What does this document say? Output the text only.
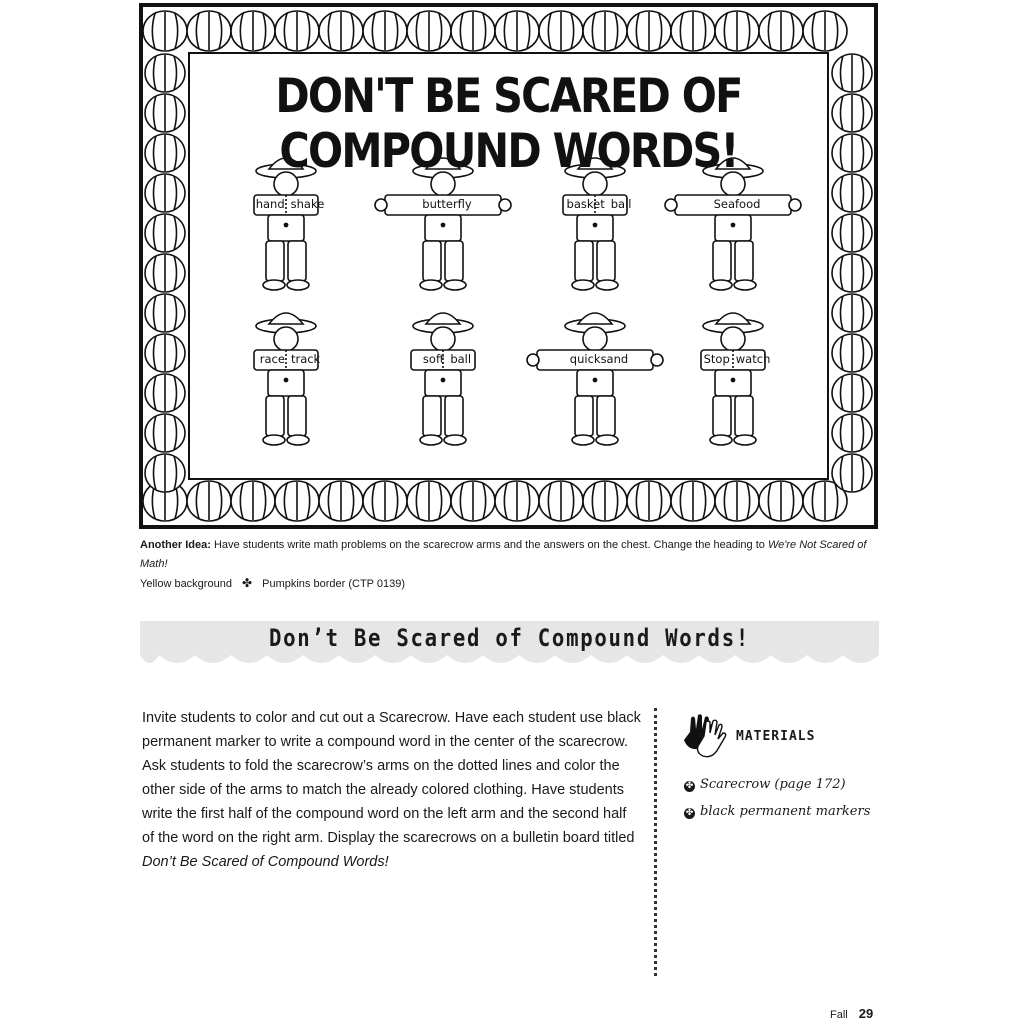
DON'T BE SCARED OF COMPOUND WORDS!
hand shake	butterfly	basket ball	Seafood
race track	soft ball	quicksand	Stop watch
Another Idea: Have students write math problems on the scarecrow arms and the answers on the chest. Change the heading to We're Not Scared of Math!
Yellow background ✤ Pumpkins border (CTP 0139)
Don’t Be Scared of Compound Words!
Invite students to color and cut out a Scarecrow. Have each student use black permanent marker to write a compound word in the center of the scarecrow. Ask students to fold the scarecrow’s arms on the dotted lines and color the other side of the arms to match the already colored clothing. Have students write the first half of the compound word on the left arm and the second half of the word on the right arm. Display the scarecrows on a bulletin board titled Don’t Be Scared of Compound Words!
MATERIALS
✤ Scarecrow (page 172)
✤ black permanent markers
Fall 29
